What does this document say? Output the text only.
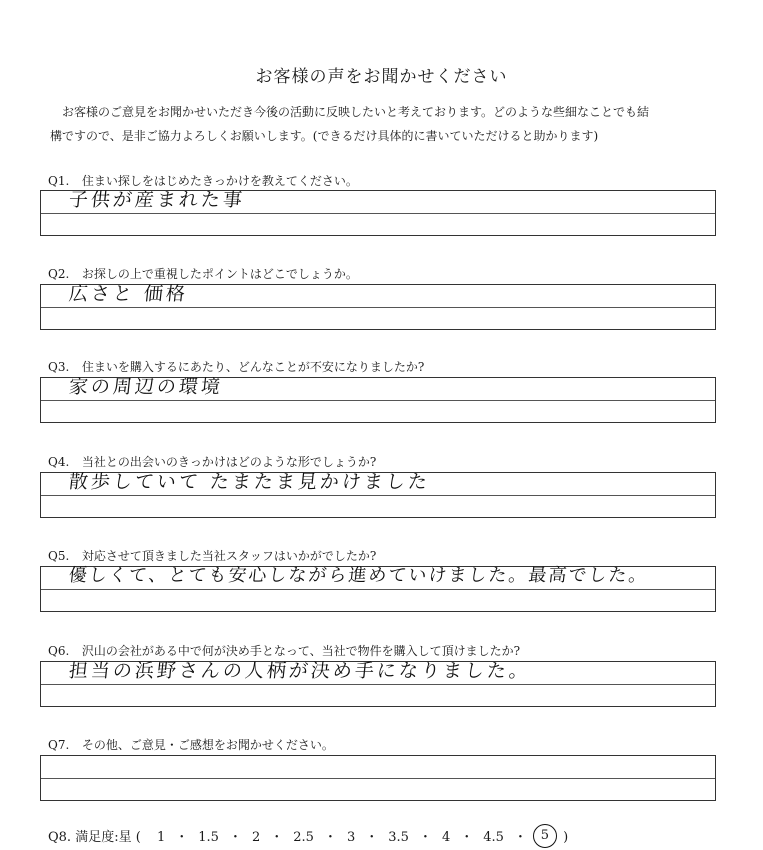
お客様の声をお聞かせください
お客様のご意見をお聞かせいただき今後の活動に反映したいと考えております。どのような些細なことでも結
構ですので、是非ご協力よろしくお願いします。(できるだけ具体的に書いていただけると助かります)
Q1. 住まい探しをはじめたきっかけを教えてください。
子供が産まれた事
Q2. お探しの上で重視したポイントはどこでしょうか。
広さと 価格
Q3. 住まいを購入するにあたり、どんなことが不安になりましたか?
家の周辺の環境
Q4. 当社との出会いのきっかけはどのような形でしょうか?
散歩していて たまたま見かけました
Q5. 対応させて頂きました当社スタッフはいかがでしたか?
優しくて、とても安心しながら進めていけました。最高でした。
Q6. 沢山の会社がある中で何が決め手となって、当社で物件を購入して頂けましたか?
担当の浜野さんの人柄が決め手になりました。
Q7. その他、ご意見・ご感想をお聞かせください。
Q8. 満足度:星 ( 1 ・ 1.5 ・ 2 ・ 2.5 ・ 3 ・ 3.5 ・ 4 ・ 4.5 ・ 5 )
